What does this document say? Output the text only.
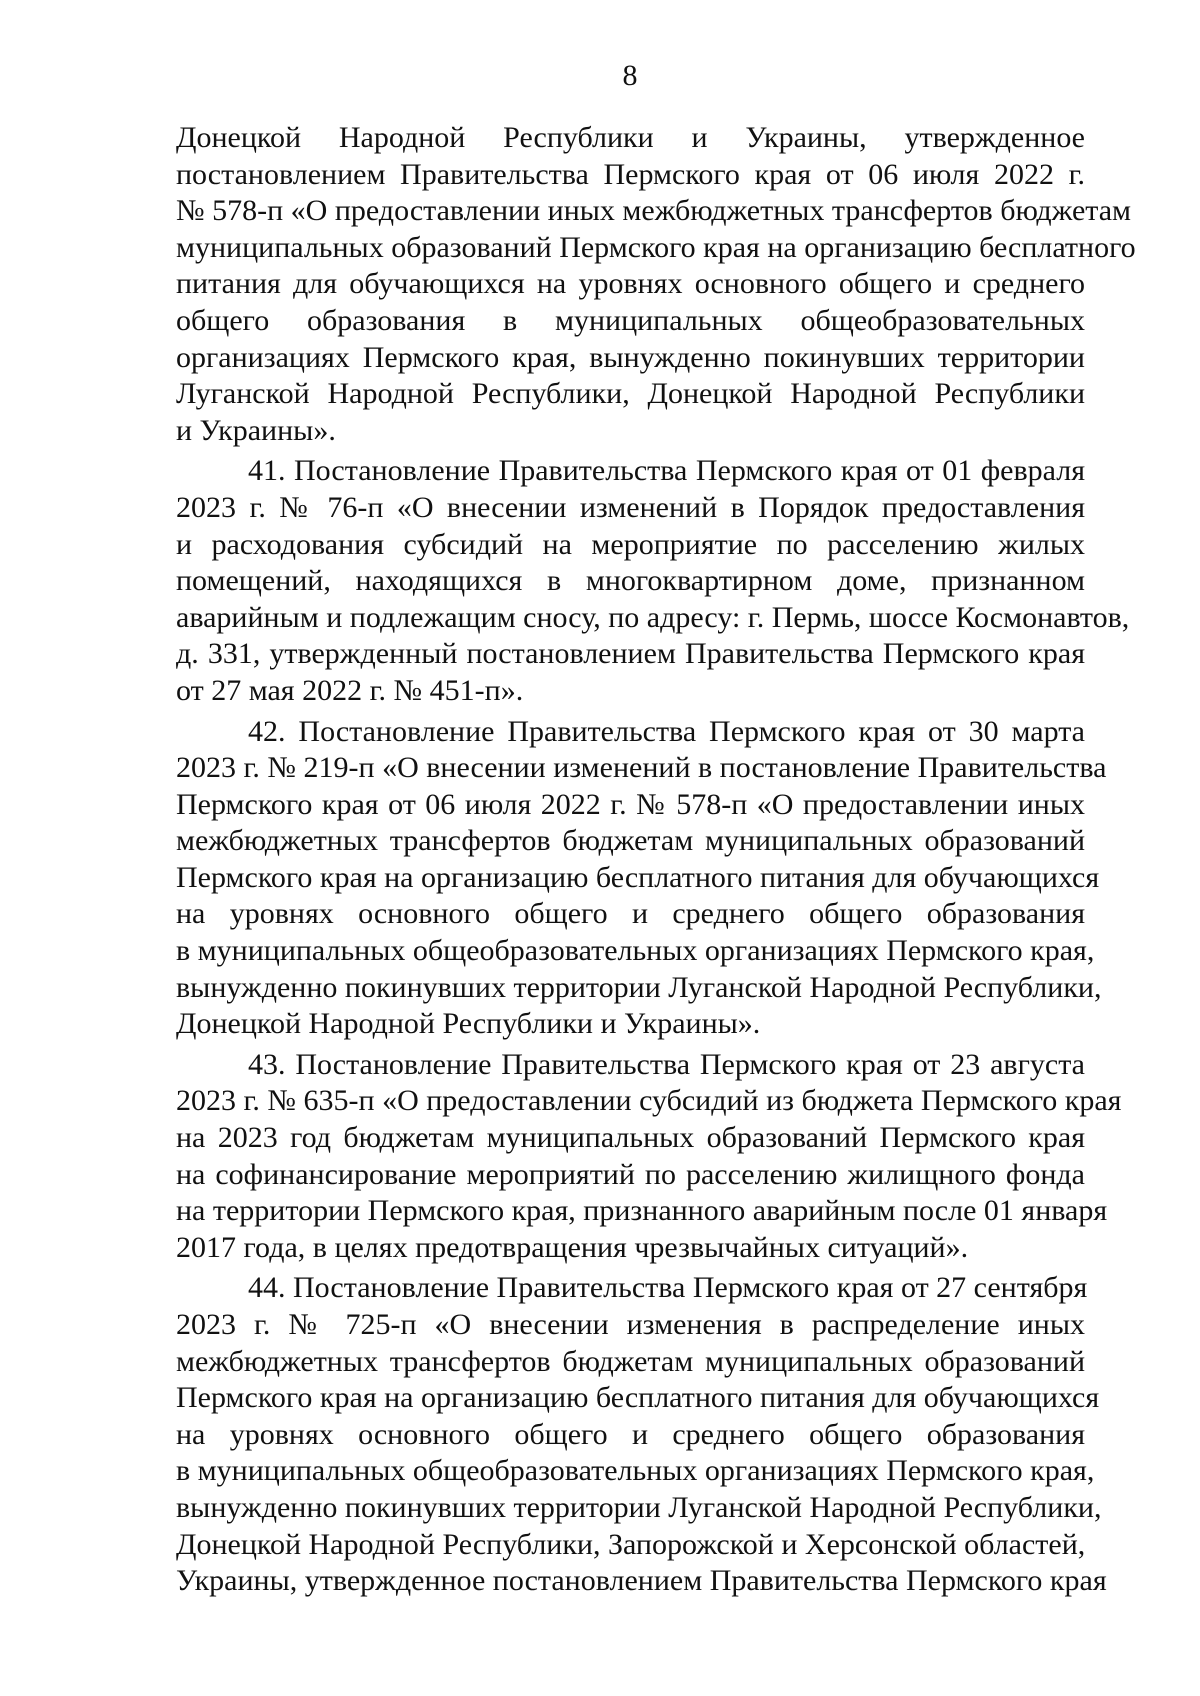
8
Донецкой Народной Республики и Украины, утвержденное
постановлением Правительства Пермского края от 06 июля 2022 г.
№ 578-п «О предоставлении иных межбюджетных трансфертов бюджетам
муниципальных образований Пермского края на организацию бесплатного
питания для обучающихся на уровнях основного общего и среднего
общего образования в муниципальных общеобразовательных
организациях Пермского края, вынужденно покинувших территории
Луганской Народной Республики, Донецкой Народной Республики
и Украины».
41. Постановление Правительства Пермского края от 01 февраля
2023 г. № 76-п «О внесении изменений в Порядок предоставления
и расходования субсидий на мероприятие по расселению жилых
помещений, находящихся в многоквартирном доме, признанном
аварийным и подлежащим сносу, по адресу: г. Пермь, шоссе Космонавтов,
д. 331, утвержденный постановлением Правительства Пермского края
от 27 мая 2022 г. № 451-п».
42. Постановление Правительства Пермского края от 30 марта
2023 г. № 219-п «О внесении изменений в постановление Правительства
Пермского края от 06 июля 2022 г. № 578-п «О предоставлении иных
межбюджетных трансфертов бюджетам муниципальных образований
Пермского края на организацию бесплатного питания для обучающихся
на уровнях основного общего и среднего общего образования
в муниципальных общеобразовательных организациях Пермского края,
вынужденно покинувших территории Луганской Народной Республики,
Донецкой Народной Республики и Украины».
43. Постановление Правительства Пермского края от 23 августа
2023 г. № 635-п «О предоставлении субсидий из бюджета Пермского края
на 2023 год бюджетам муниципальных образований Пермского края
на софинансирование мероприятий по расселению жилищного фонда
на территории Пермского края, признанного аварийным после 01 января
2017 года, в целях предотвращения чрезвычайных ситуаций».
44. Постановление Правительства Пермского края от 27 сентября
2023 г. № 725-п «О внесении изменения в распределение иных
межбюджетных трансфертов бюджетам муниципальных образований
Пермского края на организацию бесплатного питания для обучающихся
на уровнях основного общего и среднего общего образования
в муниципальных общеобразовательных организациях Пермского края,
вынужденно покинувших территории Луганской Народной Республики,
Донецкой Народной Республики, Запорожской и Херсонской областей,
Украины, утвержденное постановлением Правительства Пермского края
